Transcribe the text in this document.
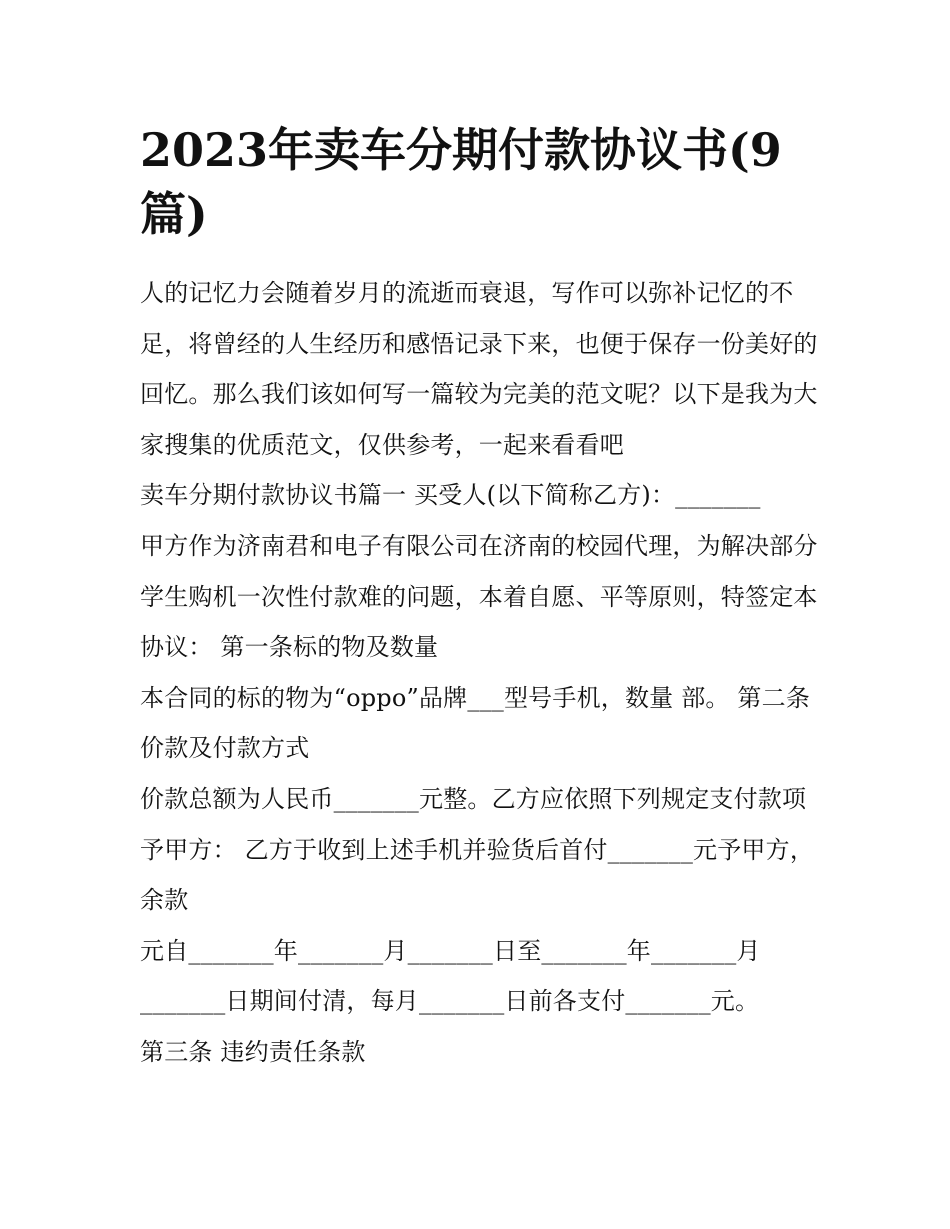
2023年卖车分期付款协议书(9篇)

人的记忆力会随着岁月的流逝而衰退，写作可以弥补记忆的不足，将曾经的人生经历和感悟记录下来，也便于保存一份美好的回忆。那么我们该如何写一篇较为完美的范文呢？以下是我为大家搜集的优质范文，仅供参考，一起来看看吧

卖车分期付款协议书篇一 买受人(以下简称乙方)：_______

甲方作为济南君和电子有限公司在济南的校园代理，为解决部分学生购机一次性付款难的问题，本着自愿、平等原则，特签定本协议： 第一条标的物及数量

本合同的标的物为“oppo”品牌___型号手机，数量 部。 第二条价款及付款方式

价款总额为人民币_______元整。乙方应依照下列规定支付款项予甲方： 乙方于收到上述手机并验货后首付_______元予甲方，余款

元自_______年_______月_______日至_______年_______月_______日期间付清，每月_______日前各支付_______元。

第三条 违约责任条款
